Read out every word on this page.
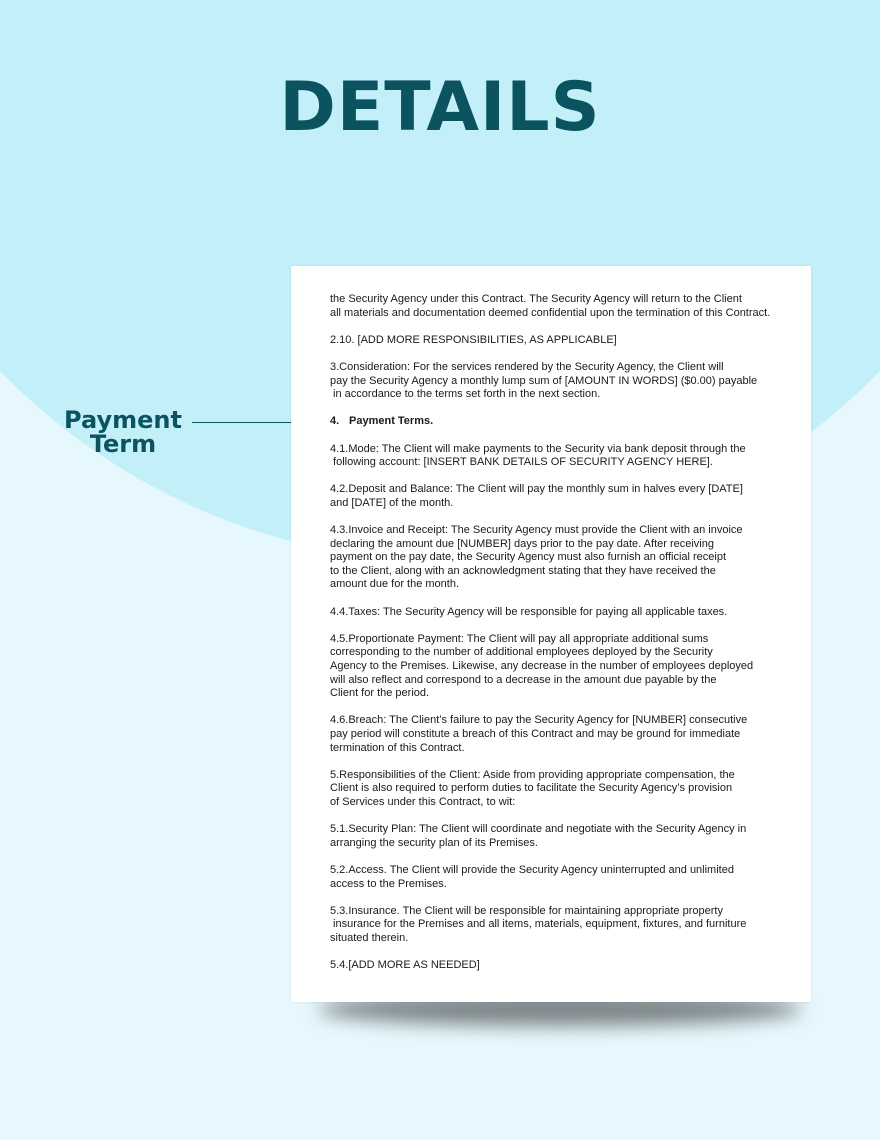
DETAILS
Payment
Term

the Security Agency under this Contract. The Security Agency will return to the Client
all materials and documentation deemed confidential upon the termination of this Contract.

2.10. [ADD MORE RESPONSIBILITIES, AS APPLICABLE]

3.Consideration: For the services rendered by the Security Agency, the Client will
pay the Security Agency a monthly lump sum of [AMOUNT IN WORDS] ($0.00) payable
in accordance to the terms set forth in the next section.

4. Payment Terms.

4.1.Mode: The Client will make payments to the Security via bank deposit through the
following account: [INSERT BANK DETAILS OF SECURITY AGENCY HERE].

4.2.Deposit and Balance: The Client will pay the monthly sum in halves every [DATE]
and [DATE] of the month.

4.3.Invoice and Receipt: The Security Agency must provide the Client with an invoice
declaring the amount due [NUMBER] days prior to the pay date. After receiving
payment on the pay date, the Security Agency must also furnish an official receipt
to the Client, along with an acknowledgment stating that they have received the
amount due for the month.

4.4.Taxes: The Security Agency will be responsible for paying all applicable taxes.

4.5.Proportionate Payment: The Client will pay all appropriate additional sums
corresponding to the number of additional employees deployed by the Security
Agency to the Premises. Likewise, any decrease in the number of employees deployed
will also reflect and correspond to a decrease in the amount due payable by the
Client for the period.

4.6.Breach: The Client’s failure to pay the Security Agency for [NUMBER] consecutive
pay period will constitute a breach of this Contract and may be ground for immediate
termination of this Contract.

5.Responsibilities of the Client: Aside from providing appropriate compensation, the
Client is also required to perform duties to facilitate the Security Agency’s provision
of Services under this Contract, to wit:

5.1.Security Plan: The Client will coordinate and negotiate with the Security Agency in
arranging the security plan of its Premises.

5.2.Access. The Client will provide the Security Agency uninterrupted and unlimited
access to the Premises.

5.3.Insurance. The Client will be responsible for maintaining appropriate property
insurance for the Premises and all items, materials, equipment, fixtures, and furniture
situated therein.

5.4.[ADD MORE AS NEEDED]
